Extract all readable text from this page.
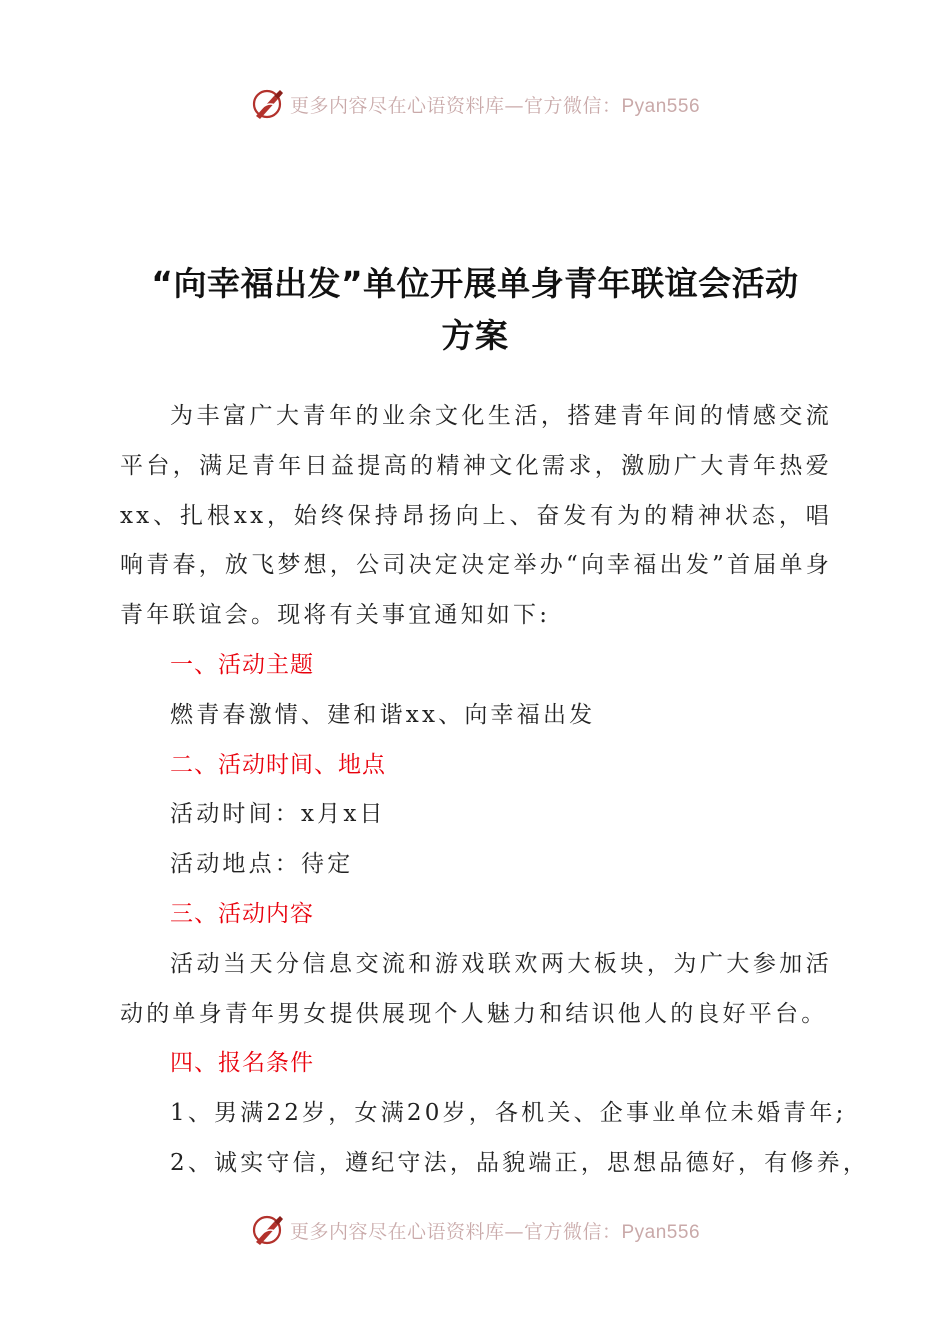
更多内容尽在心语资料库—官方微信：Pyan556
“向幸福出发”单位开展单身青年联谊会活动
方案

为丰富广大青年的业余文化生活，搭建青年间的情感交流平台，满足青年日益提高的精神文化需求，激励广大青年热爱xx、扎根xx，始终保持昂扬向上、奋发有为的精神状态，唱响青春，放飞梦想，公司决定决定举办“向幸福出发”首届单身青年联谊会。现将有关事宜通知如下:

一、活动主题

燃青春激情、建和谐xx、向幸福出发

二、活动时间、地点

活动时间：x月x日

活动地点：待定

三、活动内容

活动当天分信息交流和游戏联欢两大板块，为广大参加活动的单身青年男女提供展现个人魅力和结识他人的良好平台。

四、报名条件

1、男满22岁，女满20岁，各机关、企事业单位未婚青年;

2、诚实守信，遵纪守法，品貌端正，思想品德好，有修养，

更多内容尽在心语资料库—官方微信：Pyan556
